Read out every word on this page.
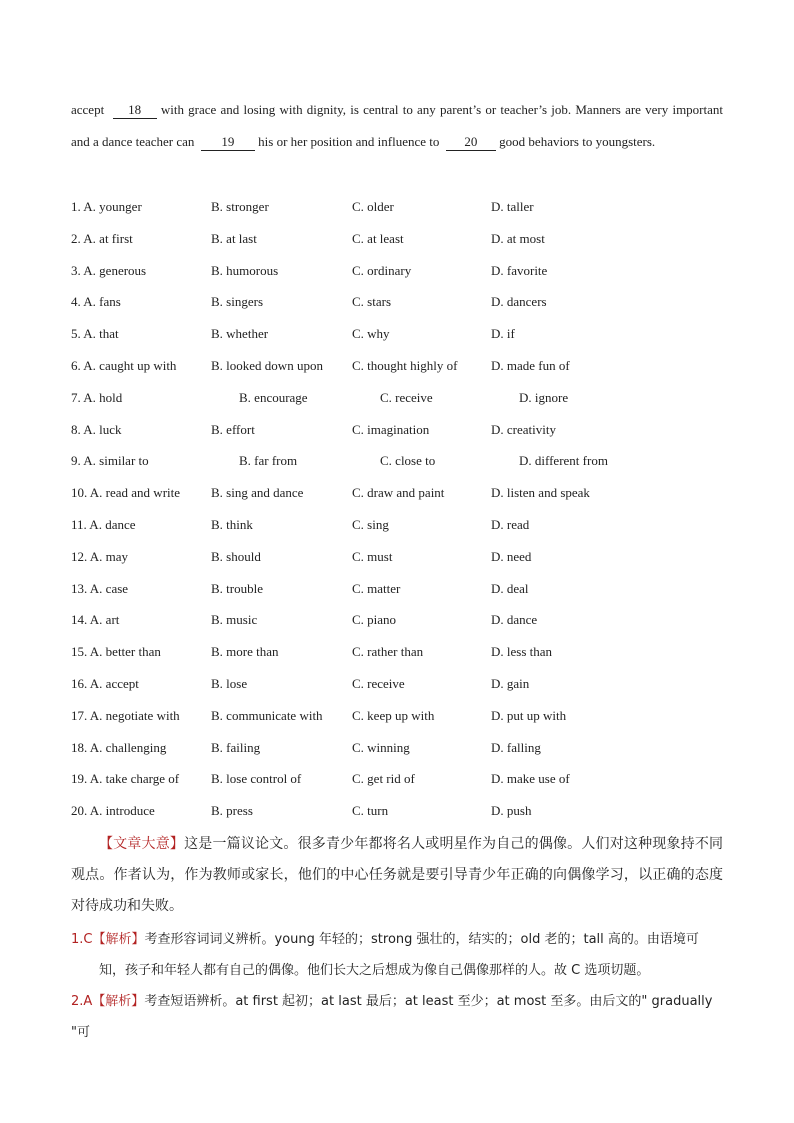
accept 18 with grace and losing with dignity, is central to any parent’s or teacher’s job. Manners are very important and a dance teacher can 19 his or her position and influence to 20 good behaviors to youngsters.
1. A. younger	B. stronger	C. older	D. taller
2. A. at first	B. at last	C. at least	D. at most
3. A. generous	B. humorous	C. ordinary	D. favorite
4. A. fans	B. singers	C. stars	D. dancers
5. A. that	B. whether	C. why	D. if
6. A. caught up with	B. looked down upon C. thought highly of	D. made fun of
7. A. hold	B. encourage	C. receive	D. ignore
8. A. luck	B. effort	C. imagination	D. creativity
9. A. similar to	B. far from	C. close to	D. different from
10. A. read and write B. sing and dance	C. draw and paint	D. listen and speak
11. A. dance	B. think	C. sing	D. read
12. A. may	B. should	C. must	D. need
13. A. case	B. trouble	C. matter	D. deal
14. A. art	B. music	C. piano	D. dance
15. A. better than	B. more than	C. rather than	D. less than
16. A. accept	B. lose	C. receive	D. gain
17. A. negotiate with B. communicate with C. keep up with	D. put up with
18. A. challenging	B. failing	C. winning	D. falling
19. A. take charge of B. lose control of	C. get rid of	D. make use of
20. A. introduce	B. press	C. turn	D. push
【文章大意】这是一篇议论文。很多青少年都将名人或明星作为自己的偶像。人们对这种现象持不同观点。作者认为，作为教师或家长，他们的中心任务就是要引导青少年正确的向偶像学习，以正确的态度对待成功和失败。
1.C【解析】考查形容词词义辨析。young 年轻的；strong 强壮的，结实的；old 老的；tall 高的。由语境可
知，孩子和年轻人都有自己的偶像。他们长大之后想成为像自己偶像那样的人。故 C 选项切题。
2.A【解析】考查短语辨析。at first 起初；at last 最后；at least 至少；at most 至多。由后文的" gradually "可
